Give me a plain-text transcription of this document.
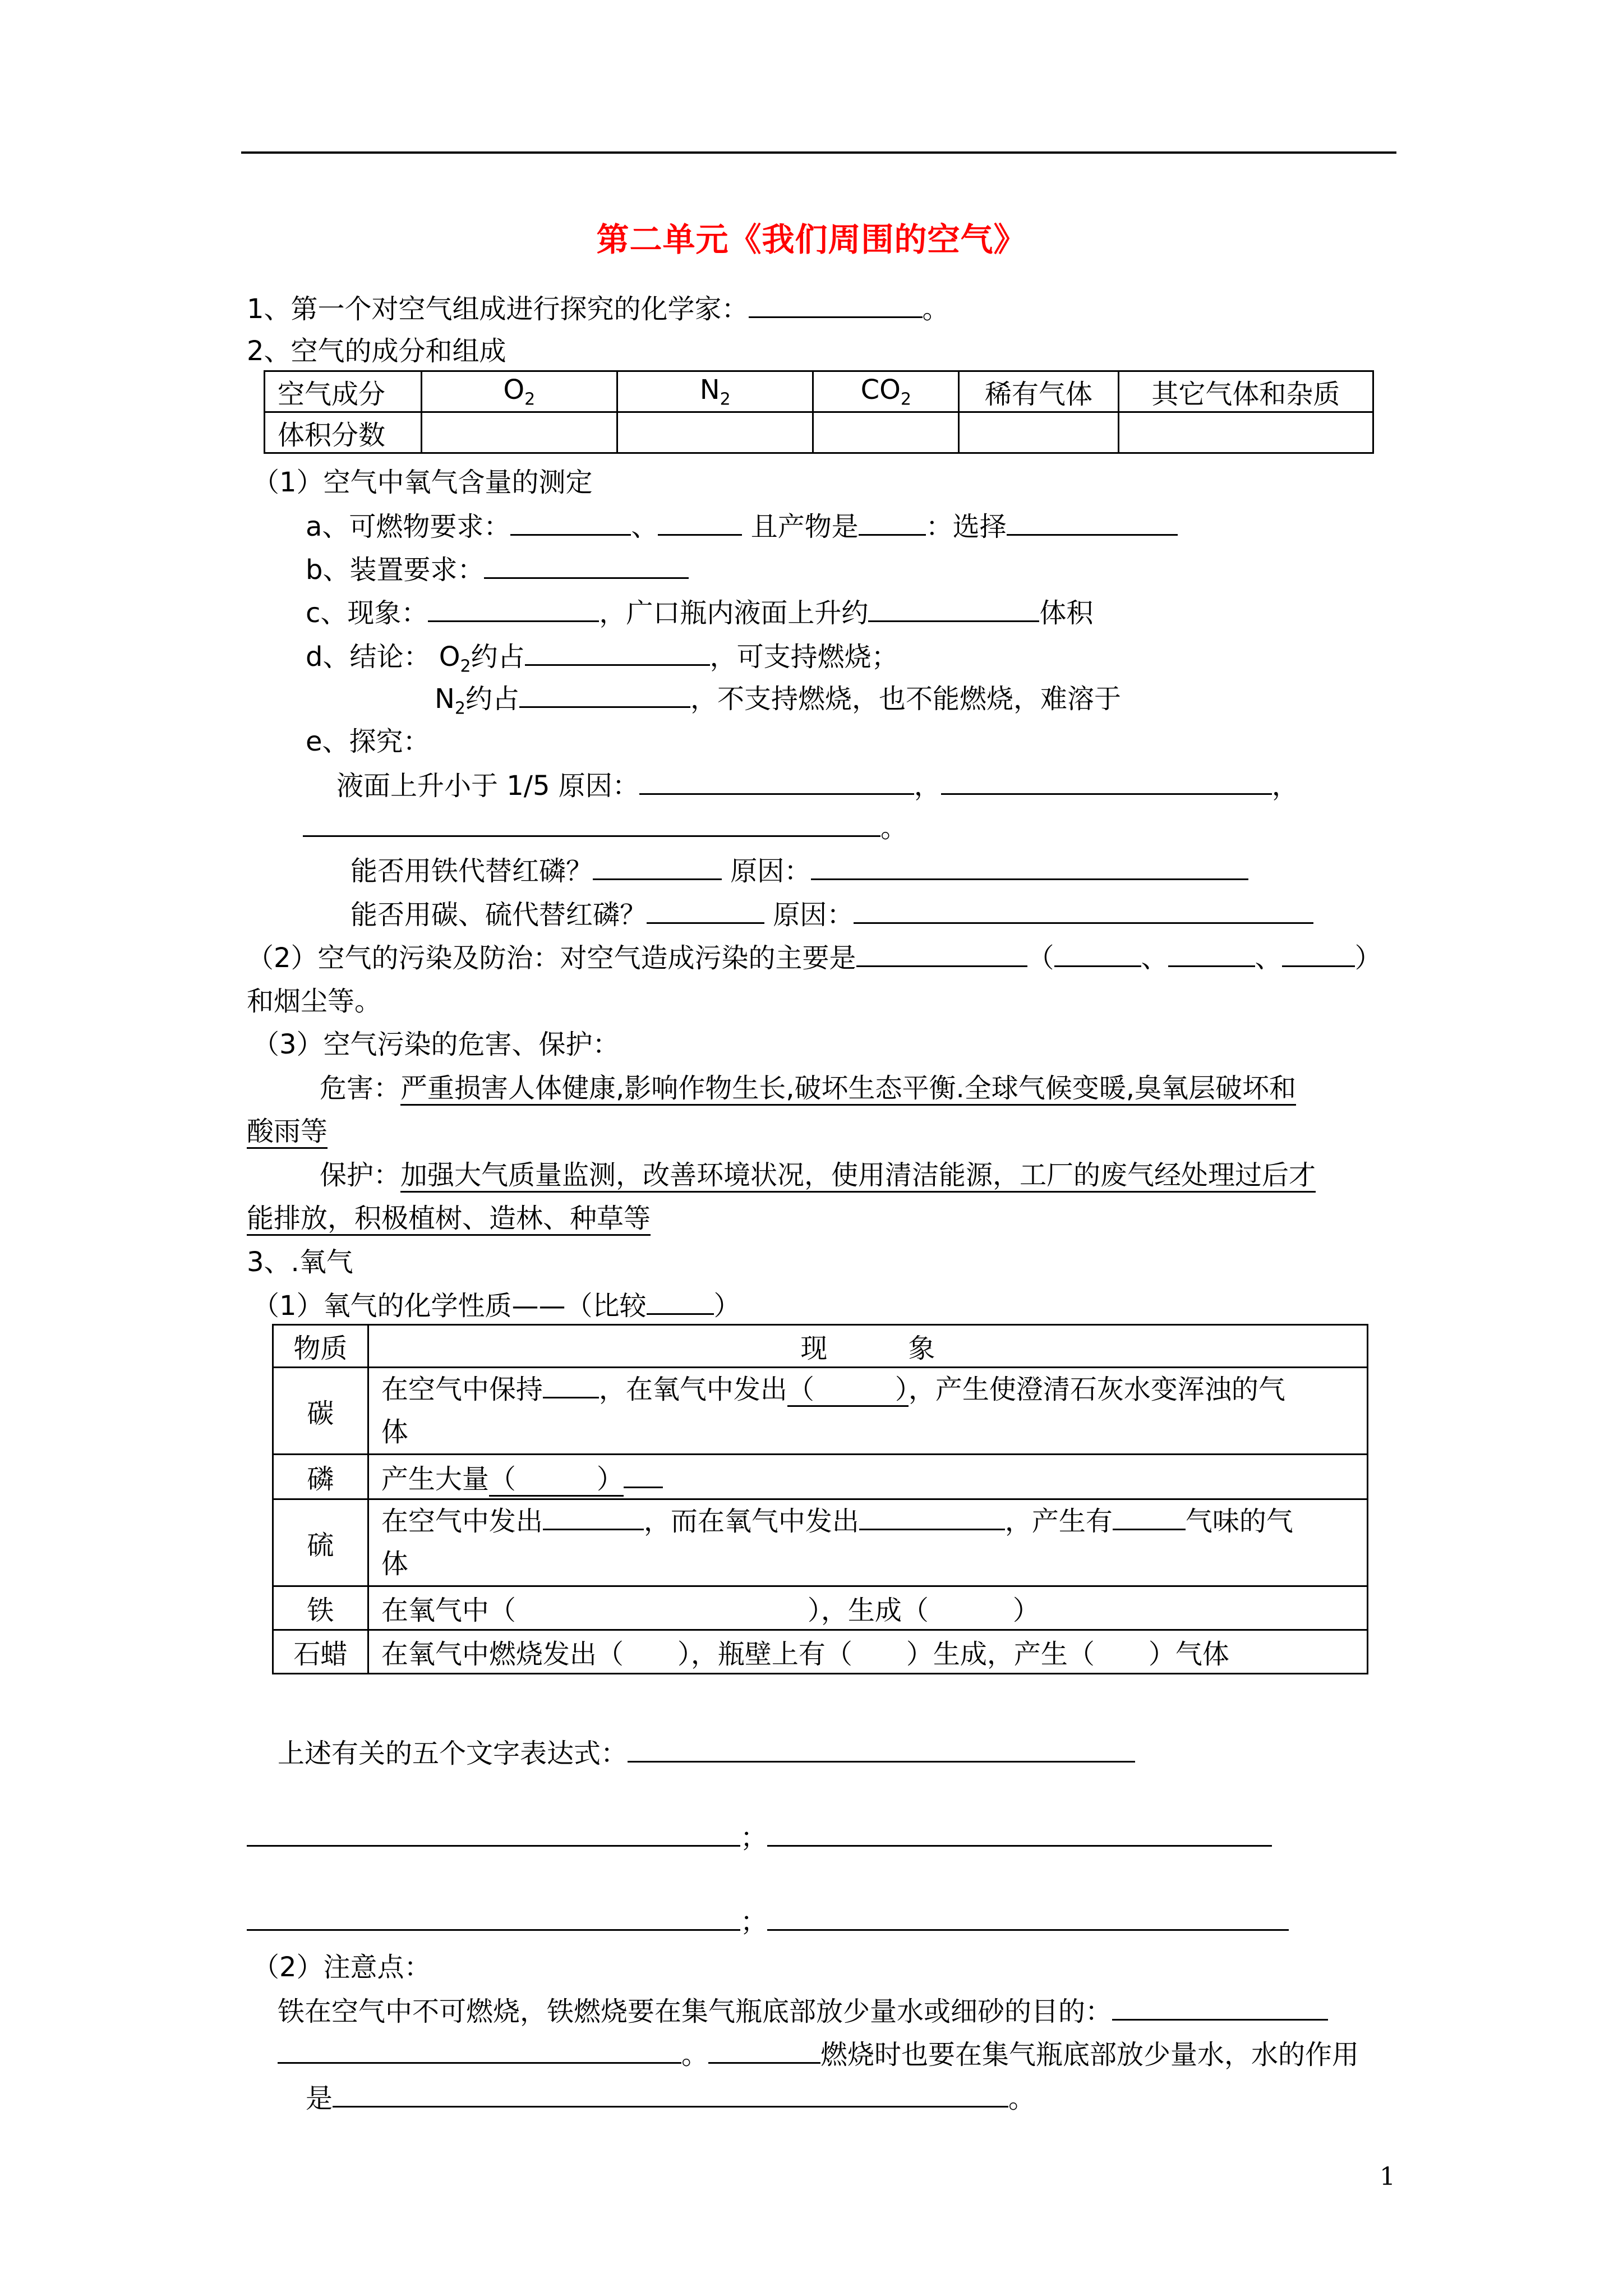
第二单元《我们周围的空气》
1、第一个对空气组成进行探究的化学家：	。
2、空气的成分和组成
空气成分	$O_2$	$N_2$	$CO_2$	稀有气体	其它气体和杂质
体积分数					
（1）空气中氧气含量的测定
a、可燃物要求：	、	且产物是	：选择
b、装置要求：
c、现象：	，广口瓶内液面上升约	体积
d、结论： $O_2$约占	，可支持燃烧；
$N_2$约占	，不支持燃烧，也不能燃烧，难溶于
e、探究：
液面上升小于 1/5 原因：	，	，
。
能否用铁代替红磷？	原因：
能否用碳、硫代替红磷？	原因：
（2）空气的污染及防治：对空气造成污染的主要是	（	、	、	）
和烟尘等。
（3）空气污染的危害、保护：
危害：严重损害人体健康,影响作物生长,破坏生态平衡.全球气候变暖,臭氧层破坏和
酸雨等
保护：加强大气质量监测，改善环境状况，使用清洁能源，工厂的废气经处理过后才
能排放，积极植树、造林、种草等
3、.氧气
（1）氧气的化学性质——（比较	）
物质	现　　　象
碳	在空气中保持 ，在氧气中发出（　　　），产生使澄清石灰水变浑浊的气
体
磷	产生大量（　　　）
硫	在空气中发出 ，而在氧气中发出 ，产生有 气味的气
体
铁	在氧气中（ ），生成（ ）
石蜡	在氧气中燃烧发出（　　），瓶壁上有（　　）生成，产生（　　）气体
上述有关的五个文字表达式：
；
；
（2）注意点：
铁在空气中不可燃烧，铁燃烧要在集气瓶底部放少量水或细砂的目的：
。	燃烧时也要在集气瓶底部放少量水，水的作用
是	。
1
